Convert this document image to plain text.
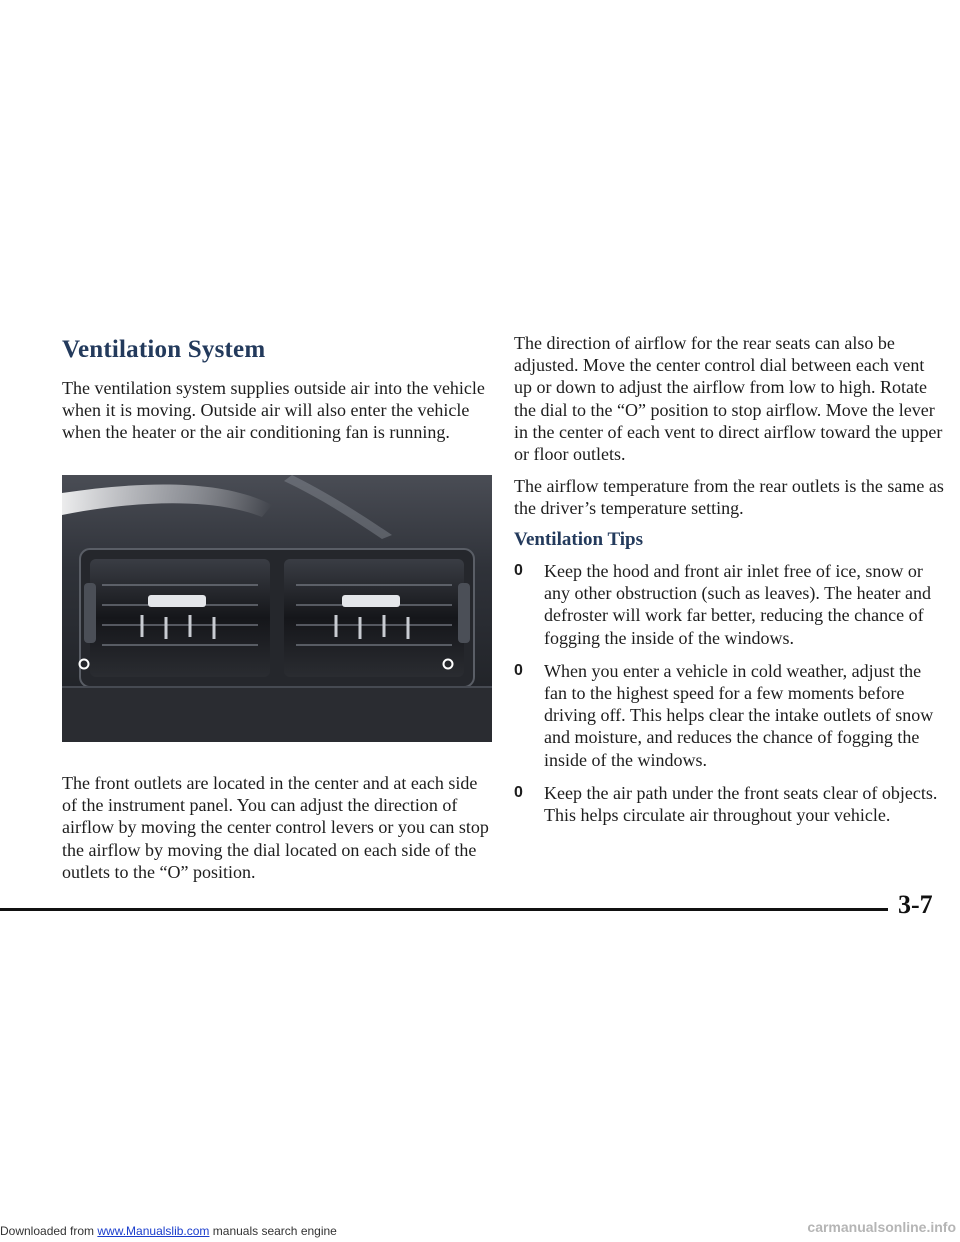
Ventilation System

The ventilation system supplies outside air into the vehicle when it is moving. Outside air will also enter the vehicle when the heater or the air conditioning fan is running.

The front outlets are located in the center and at each side of the instrument panel. You can adjust the direction of airflow by moving the center control levers or you can stop the airflow by moving the dial located on each side of the outlets to the “O” position.

The direction of airflow for the rear seats can also be adjusted. Move the center control dial between each vent up or down to adjust the airflow from low to high. Rotate the dial to the “O” position to stop airflow. Move the lever in the center of each vent to direct airflow toward the upper or floor outlets.

The airflow temperature from the rear outlets is the same as the driver’s temperature setting.

Ventilation Tips
0 Keep the hood and front air inlet free of ice, snow or any other obstruction (such as leaves). The heater and defroster will work far better, reducing the chance of fogging the inside of the windows.
0 When you enter a vehicle in cold weather, adjust the fan to the highest speed for a few moments before driving off. This helps clear the intake outlets of snow and moisture, and reduces the chance of fogging the inside of the windows.
0 Keep the air path under the front seats clear of objects. This helps circulate air throughout your vehicle.
3-7
Downloaded from www.Manualslib.com manuals search engine	carmanualsonline.info
